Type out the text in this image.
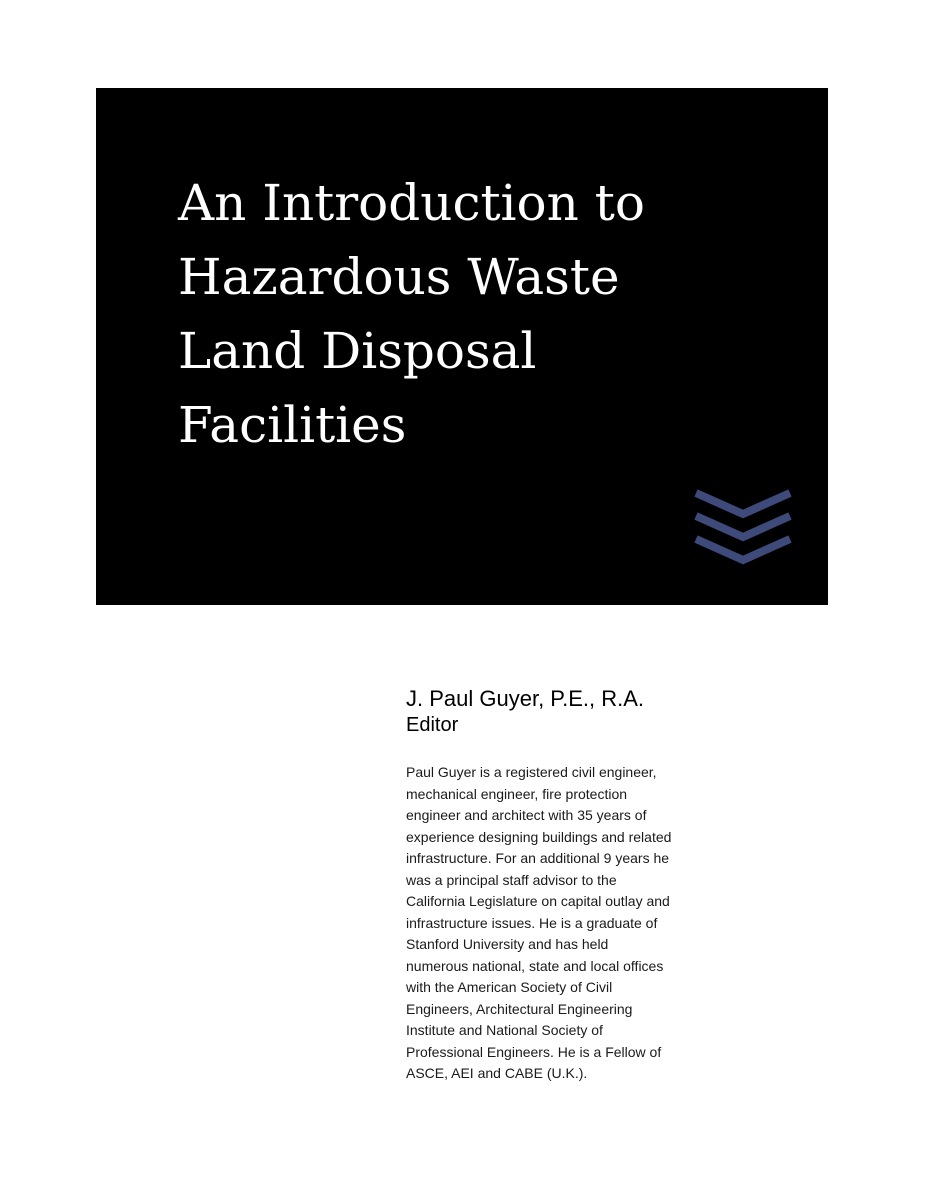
An Introduction to
Hazardous Waste
Land Disposal
Facilities
J. Paul Guyer, P.E., R.A.
Editor

Paul Guyer is a registered civil engineer,
mechanical engineer, fire protection
engineer and architect with 35 years of
experience designing buildings and related
infrastructure. For an additional 9 years he
was a principal staff advisor to the
California Legislature on capital outlay and
infrastructure issues. He is a graduate of
Stanford University and has held
numerous national, state and local offices
with the American Society of Civil
Engineers, Architectural Engineering
Institute and National Society of
Professional Engineers. He is a Fellow of
ASCE, AEI and CABE (U.K.).
